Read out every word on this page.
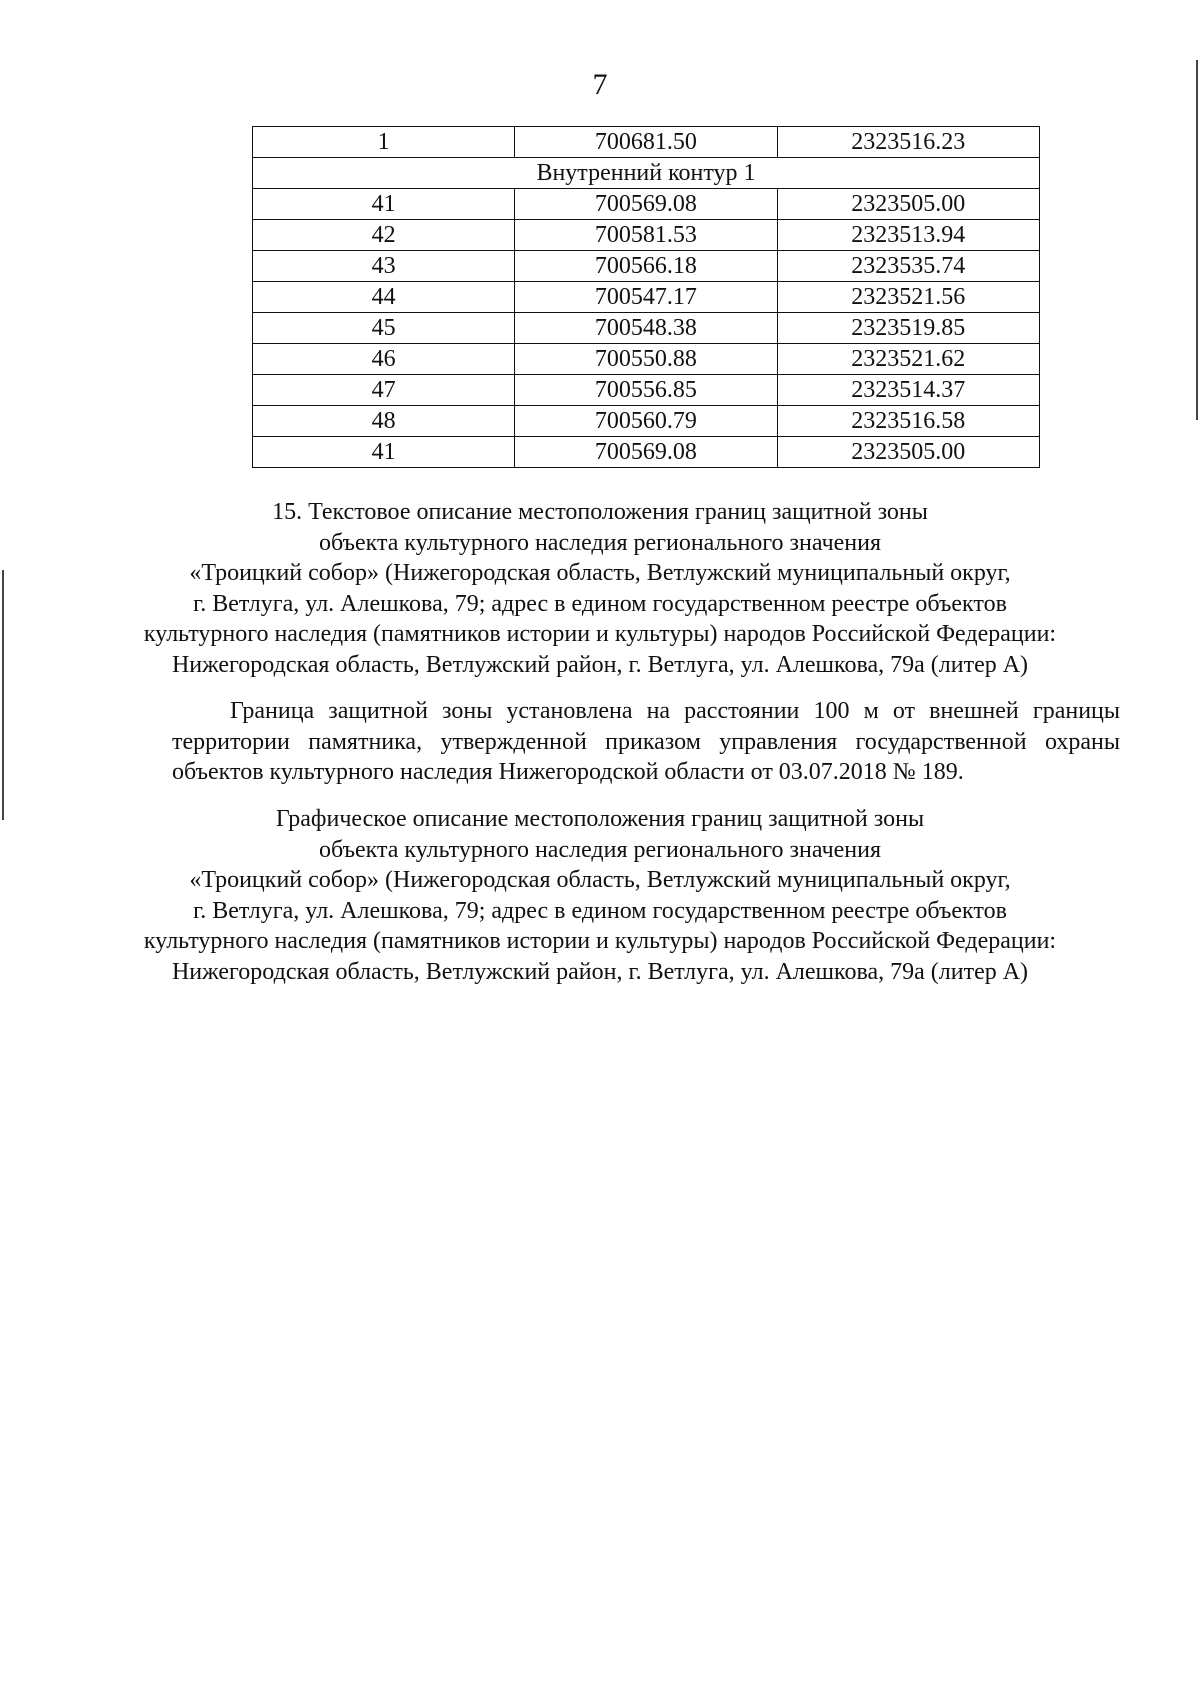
7
1	700681.50	2323516.23
Внутренний контур 1		
41	700569.08	2323505.00
42	700581.53	2323513.94
43	700566.18	2323535.74
44	700547.17	2323521.56
45	700548.38	2323519.85
46	700550.88	2323521.62
47	700556.85	2323514.37
48	700560.79	2323516.58
41	700569.08	2323505.00
15. Текстовое описание местоположения границ защитной зоны
объекта культурного наследия регионального значения
«Троицкий собор» (Нижегородская область, Ветлужский муниципальный округ,
г. Ветлуга, ул. Алешкова, 79; адрес в едином государственном реестре объектов
культурного наследия (памятников истории и культуры) народов Российской Федерации:
Нижегородская область, Ветлужский район, г. Ветлуга, ул. Алешкова, 79а (литер А)
Граница защитной зоны установлена на расстоянии 100 м от внешней границы
территории памятника, утвержденной приказом управления государственной охраны
объектов культурного наследия Нижегородской области от 03.07.2018 № 189.
Графическое описание местоположения границ защитной зоны
объекта культурного наследия регионального значения
«Троицкий собор» (Нижегородская область, Ветлужский муниципальный округ,
г. Ветлуга, ул. Алешкова, 79; адрес в едином государственном реестре объектов
культурного наследия (памятников истории и культуры) народов Российской Федерации:
Нижегородская область, Ветлужский район, г. Ветлуга, ул. Алешкова, 79а (литер А)
